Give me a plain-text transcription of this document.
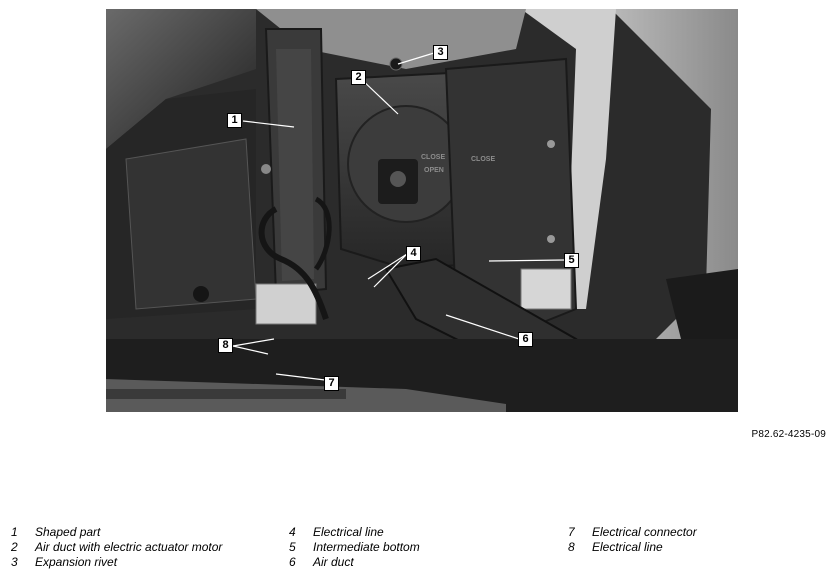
CLOSE
OPEN
CLOSE
1
2
3
4
5
6
7
8
P82.62-4235-09
1	Shaped part
2	Air duct with electric actuator motor
3	Expansion rivet
4	Electrical line
5	Intermediate bottom
6	Air duct
7	Electrical connector
8	Electrical line
